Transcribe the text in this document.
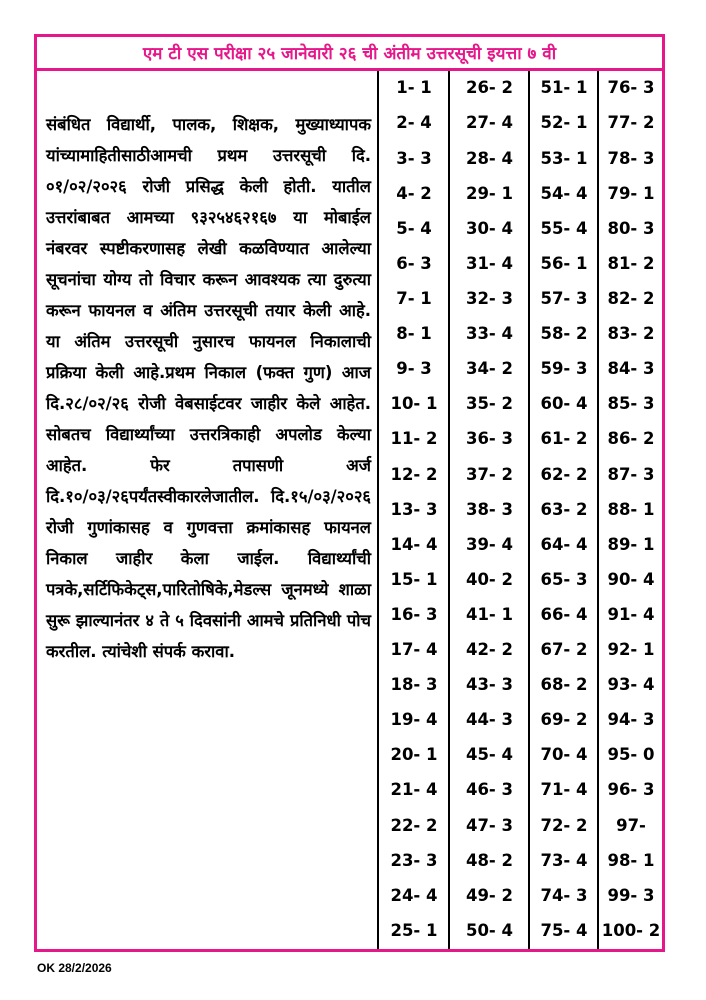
एम टी एस परीक्षा २५ जानेवारी २६ ची अंतीम उत्तरसूची इयत्ता ७ वी
संबंधित विद्यार्थी, पालक, शिक्षक, मुख्याध्यापक यांच्यामाहितीसाठीआमची प्रथम उत्तरसूची दि. ०१/०२/२०२६ रोजी प्रसिद्ध केली होती. यातील उत्तरांबाबत आमच्या ९३२५४६२१६७ या मोबाईल नंबरवर स्पष्टीकरणासह लेखी कळविण्यात आलेल्या सूचनांचा योग्य तो विचार करून आवश्यक त्या दुरुत्या करून फायनल व अंतिम उत्तरसूची तयार केली आहे. या अंतिम उत्तरसूची नुसारच फायनल निकालाची प्रक्रिया केली आहे.प्रथम निकाल (फक्त गुण) आज दि.२८/०२/२६ रोजी वेबसाईटवर जाहीर केले आहेत. सोबतच विद्यार्थ्यांच्या उत्तरत्रिकाही अपलोड केल्या आहेत. फेर तपासणी अर्ज दि.१०/०३/२६पर्यंतस्वीकारलेजातील. दि.१५/०३/२०२६ रोजी गुणांकासह व गुणवत्ता क्रमांकासह फायनल निकाल जाहीर केला जाईल. विद्यार्थ्यांची पत्रके,सर्टिफिकेट्स,पारितोषिके,मेडल्स जूनमध्ये शाळा सुरू झाल्यानंतर ४ ते ५ दिवसांनी आमचे प्रतिनिधी पोच करतील. त्यांचेशी संपर्क करावा.
1- 1
2- 4
3- 3
4- 2
5- 4
6- 3
7- 1
8- 1
9- 3
10- 1
11- 2
12- 2
13- 3
14- 4
15- 1
16- 3
17- 4
18- 3
19- 4
20- 1
21- 4
22- 2
23- 3
24- 4
25- 1
26- 2
27- 4
28- 4
29- 1
30- 4
31- 4
32- 3
33- 4
34- 2
35- 2
36- 3
37- 2
38- 3
39- 4
40- 2
41- 1
42- 2
43- 3
44- 3
45- 4
46- 3
47- 3
48- 2
49- 2
50- 4
51- 1
52- 1
53- 1
54- 4
55- 4
56- 1
57- 3
58- 2
59- 3
60- 4
61- 2
62- 2
63- 2
64- 4
65- 3
66- 4
67- 2
68- 2
69- 2
70- 4
71- 4
72- 2
73- 4
74- 3
75- 4
76- 3
77- 2
78- 3
79- 1
80- 3
81- 2
82- 2
83- 2
84- 3
85- 3
86- 2
87- 3
88- 1
89- 1
90- 4
91- 4
92- 1
93- 4
94- 3
95- 0
96- 3
97-
98- 1
99- 3
100- 2
OK 28/2/2026
